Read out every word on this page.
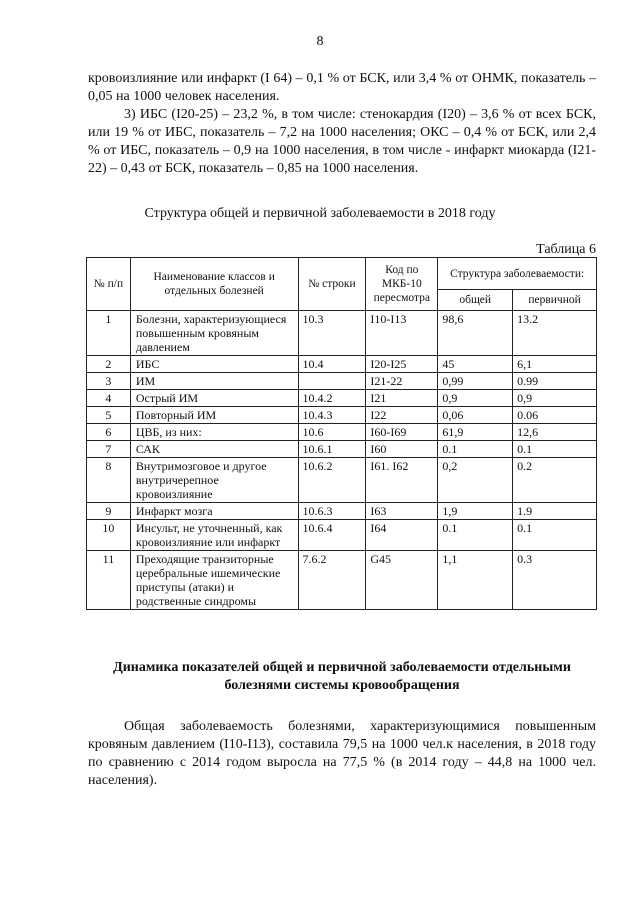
8

кровоизлияние или инфаркт (I 64) – 0,1 % от БСК, или 3,4 % от ОНМК, показатель – 0,05 на 1000 человек населения.

3) ИБС (I20-25) – 23,2 %, в том числе: стенокардия (I20) – 3,6 % от всех БСК, или 19 % от ИБС, показатель – 7,2 на 1000 населения; ОКС – 0,4 % от БСК, или 2,4 % от ИБС, показатель – 0,9 на 1000 населения, в том числе - инфаркт миокарда (I21-22) – 0,43 от БСК, показатель – 0,85 на 1000 населения.

Структура общей и первичной заболеваемости в 2018 году
Таблица 6
№ п/п	Наименование классов и отдельных болезней	№ строки	Код по МКБ-10 пересмотра	Структура заболеваемости:	
				общей	первичной
1	Болезни, характеризующиеся повышенным кровяным давлением	10.3	I10-I13	98,6	13.2
2	ИБС	10.4	I20-I25	45	6,1
3	ИМ		I21-22	0,99	0.99
4	Острый ИМ	10.4.2	I21	0,9	0,9
5	Повторный ИМ	10.4.3	I22	0,06	0.06
6	ЦВБ, из них:	10.6	I60-I69	61,9	12,6
7	САК	10.6.1	I60	0.1	0.1
8	Внутримозговое и другое внутричерепное кровоизлияние	10.6.2	I61. I62	0,2	0.2
9	Инфаркт мозга	10.6.3	I63	1,9	1.9
10	Инсульт, не уточненный, как кровоизлияние или инфаркт	10.6.4	I64	0.1	0.1
11	Преходящие транзиторные церебральные ишемические приступы (атаки) и родственные синдромы	7.6.2	G45	1,1	0.3

Динамика показателей общей и первичной заболеваемости отдельными болезнями системы кровообращения

Общая заболеваемость болезнями, характеризующимися повышенным кровяным давлением (I10-I13), составила 79,5 на 1000 чел.к населения, в 2018 году по сравнению с 2014 годом выросла на 77,5 % (в 2014 году – 44,8 на 1000 чел. населения).
